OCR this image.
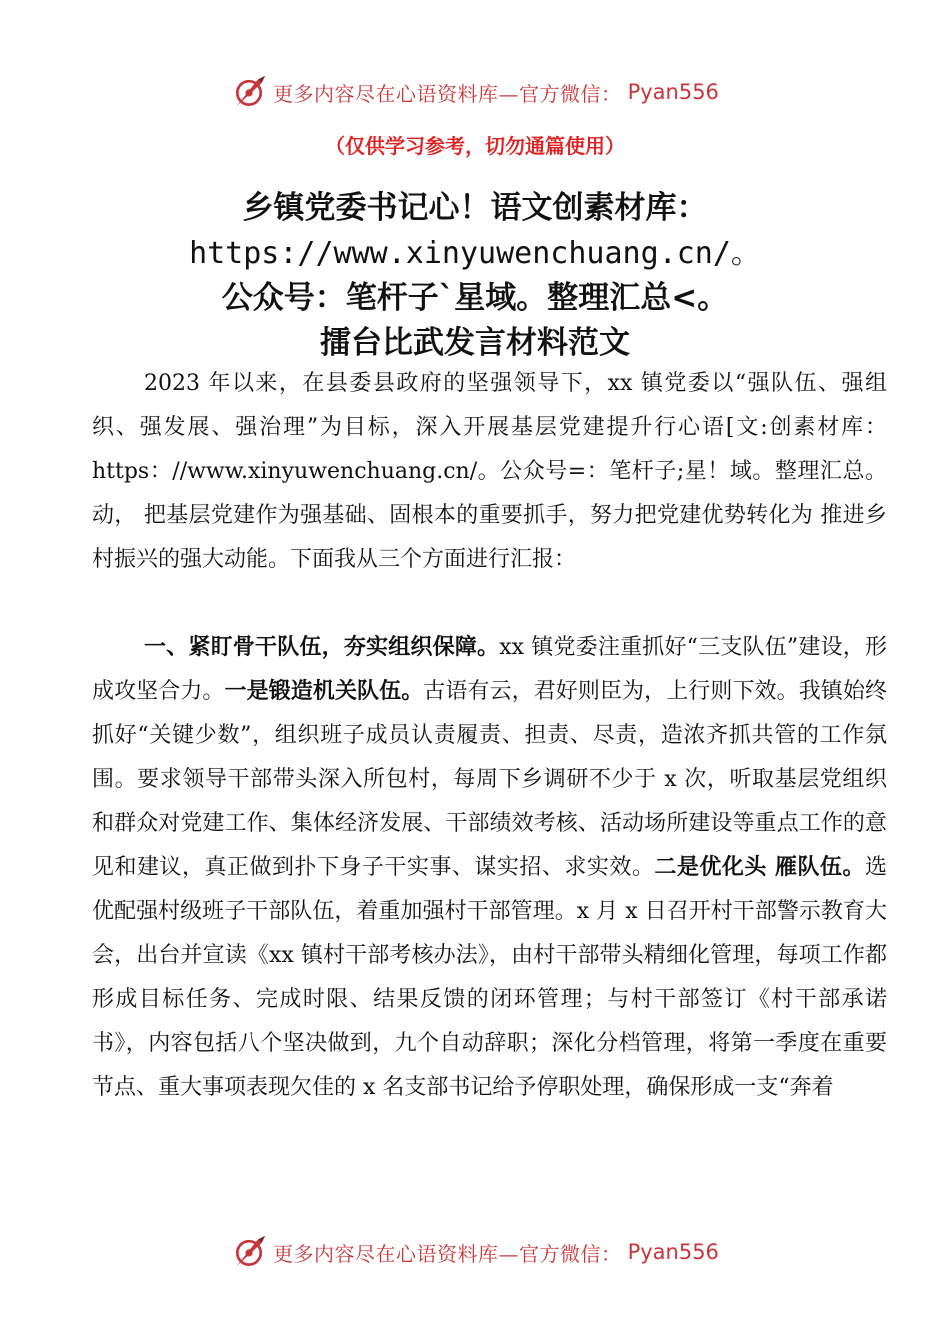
更多内容尽在心语资料库—官方微信： Pyan556
（仅供学习参考，切勿通篇使用）
乡镇党委书记心！语文创素材库：
https://www.xinyuwenchuang.cn/。
公众号：笔杆子`星域。整理汇总<。
擂台比武发言材料范文
2023 年以来，在县委县政府的坚强领导下，xx 镇党委以“强队伍、强组织、强发展、强治理”为目标，深入开展基层党建提升行心语[文:创素材库：https：//www.xinyuwenchuang.cn/。公众号=：笔杆子;星！域。整理汇总。动， 把基层党建作为强基础、固根本的重要抓手，努力把党建优势转化为 推进乡村振兴的强大动能。下面我从三个方面进行汇报：
一、紧盯骨干队伍，夯实组织保障。xx 镇党委注重抓好“三支队伍”建设，形成攻坚合力。一是锻造机关队伍。古语有云，君好则臣为，上行则下效。我镇始终抓好“关键少数”，组织班子成员认责履责、担责、尽责，造浓齐抓共管的工作氛围。要求领导干部带头深入所包村，每周下乡调研不少于 x 次，听取基层党组织和群众对党建工作、集体经济发展、干部绩效考核、活动场所建设等重点工作的意见和建议，真正做到扑下身子干实事、谋实招、求实效。二是优化头 雁队伍。选优配强村级班子干部队伍，着重加强村干部管理。x 月 x 日召开村干部警示教育大会，出台并宣读《xx 镇村干部考核办法》，由村干部带头精细化管理，每项工作都形成目标任务、完成时限、结果反馈的闭环管理；与村干部签订《村干部承诺书》，内容包括八个坚决做到，九个自动辞职；深化分档管理，将第一季度在重要节点、重大事项表现欠佳的 x 名支部书记给予停职处理，确保形成一支“奔着
更多内容尽在心语资料库—官方微信： Pyan556
